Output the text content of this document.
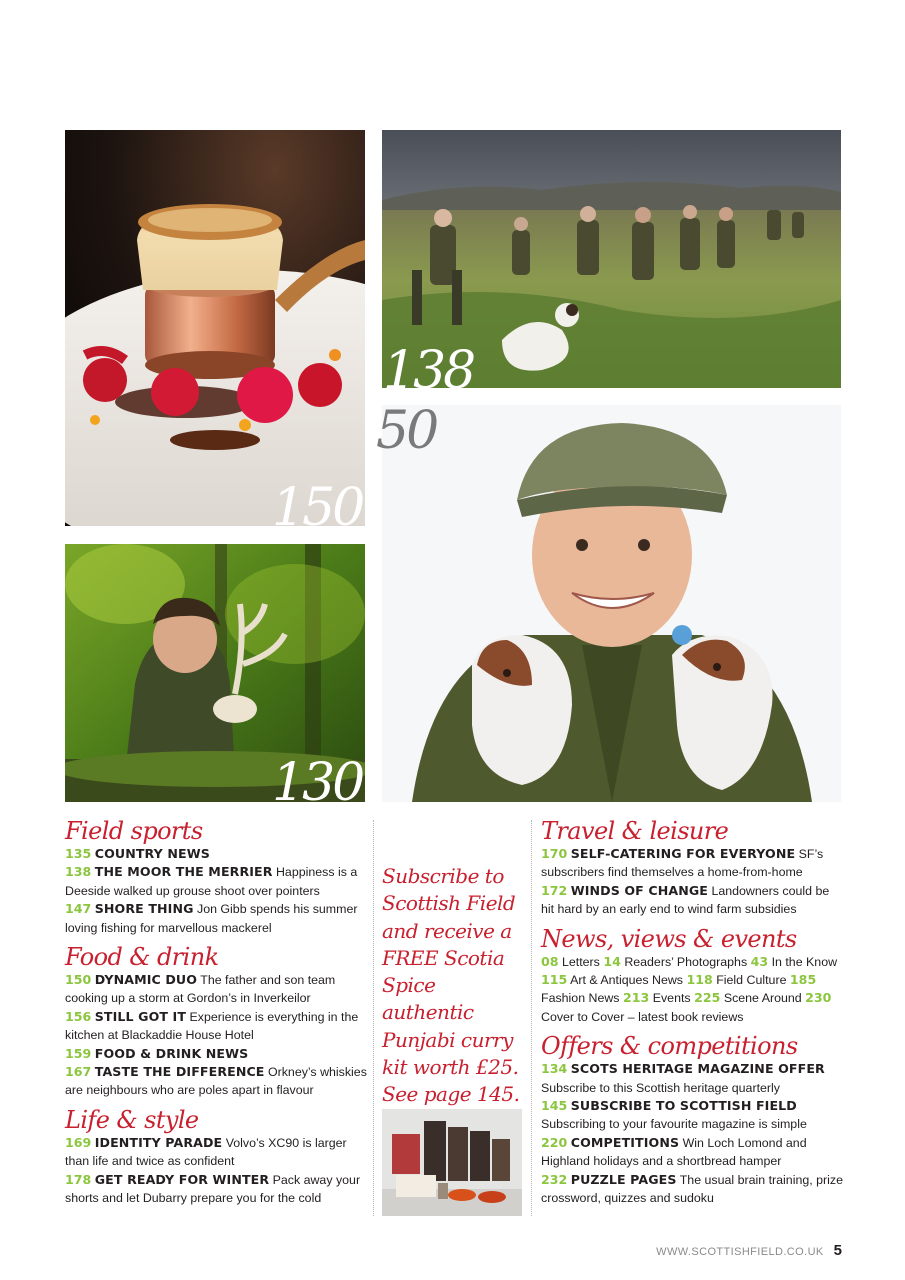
150
130
138
50
Field sports
135 COUNTRY NEWS
138 THE MOOR THE MERRIER Happiness is a Deeside walked up grouse shoot over pointers
147 SHORE THING Jon Gibb spends his summer loving fishing for marvellous mackerel
Food & drink
150 DYNAMIC DUO The father and son team cooking up a storm at Gordon’s in Inverkeilor
156 STILL GOT IT Experience is everything in the kitchen at Blackaddie House Hotel
159 FOOD & DRINK NEWS
167 TASTE THE DIFFERENCE Orkney’s whiskies are neighbours who are poles apart in flavour
Life & style
169 IDENTITY PARADE Volvo’s XC90 is larger than life and twice as confident
178 GET READY FOR WINTER Pack away your shorts and let Dubarry prepare you for the cold
Subscribe to Scottish Field and receive a FREE Scotia Spice authentic Punjabi curry kit worth £25. See page 145.
Travel & leisure
170 SELF-CATERING FOR EVERYONE SF’s subscribers find themselves a home-from-home
172 WINDS OF CHANGE Landowners could be hit hard by an early end to wind farm subsidies
News, views & events
08 Letters 14 Readers’ Photographs 43 In the Know 115 Art & Antiques News 118 Field Culture 185 Fashion News 213 Events 225 Scene Around 230 Cover to Cover – latest book reviews
Offers & competitions
134 SCOTS HERITAGE MAGAZINE OFFER Subscribe to this Scottish heritage quarterly
145 SUBSCRIBE TO SCOTTISH FIELD Subscribing to your favourite magazine is simple
220 COMPETITIONS Win Loch Lomond and Highland holidays and a shortbread hamper
232 PUZZLE PAGES The usual brain training, prize crossword, quizzes and sudoku
WWW.SCOTTISHFIELD.CO.UK 5
